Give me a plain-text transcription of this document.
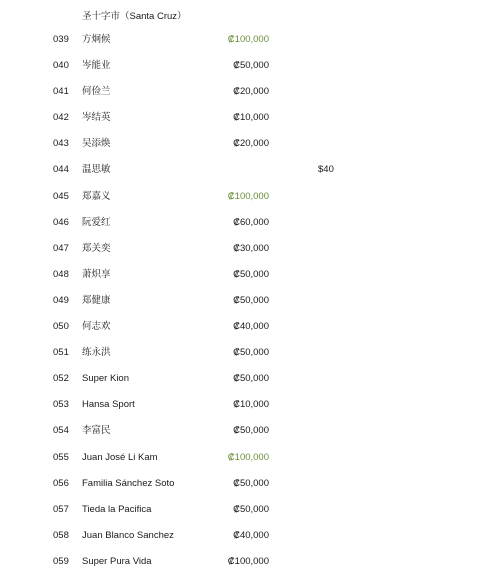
圣十字市（Santa Cruz）
039 方炯候	₡100,000
040 岑能业	₡50,000
041 何俭兰	₡20,000
042 岑结英	₡10,000
043 吴添焕	₡20,000
044 温思敏	$40
045 郑嘉义	₡100,000
046 阮爱红	₡60,000
047 郑关奕	₡30,000
048 萧炽享	₡50,000
049 郑健康	₡50,000
050 何志欢	₡40,000
051 练永洪	₡50,000
052 Super Kion	₡50,000
053 Hansa Sport	₡10,000
054 李富民	₡50,000
055 Juan José Li Kam	₡100,000
056 Familia Sánchez Soto	₡50,000
057 Tieda la Pacifica	₡50,000
058 Juan Blanco Sanchez	₡40,000
059 Super Pura Vida	₡100,000
